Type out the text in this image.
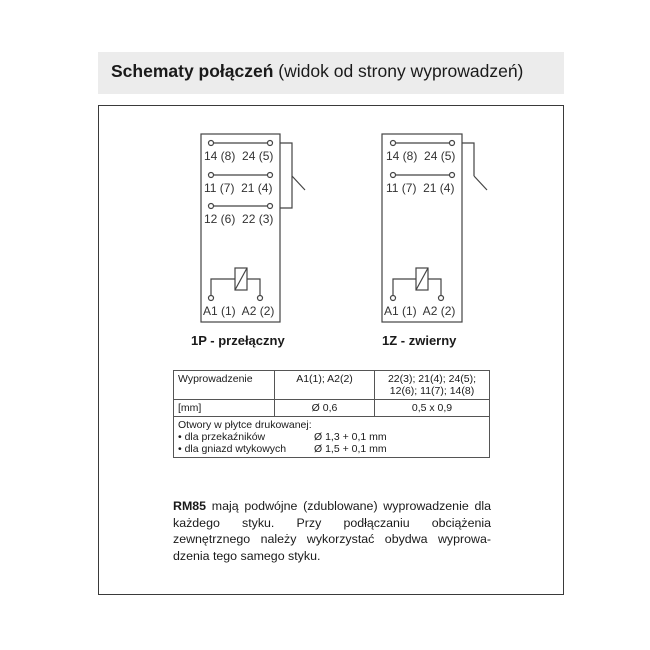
Schematy połączeń (widok od strony wyprowadzeń)
14 (8)  24 (5)
11 (7)  21 (4)
12 (6)  22 (3)
A1 (1)  A2 (2)
14 (8)  24 (5)
11 (7)  21 (4)
A1 (1)  A2 (2)
1P - przełączny	1Z - zwierny
Wyprowadzenie	A1(1); A2(2)	22(3); 21(4); 24(5);
12(6); 11(7); 14(8)

[mm]	Ø 0,6	0,5 x 0,9

Otwory w płytce drukowanej:
• dla przekaźników Ø 1,3 + 0,1 mm
• dla gniazd wtykowych Ø 1,5 + 0,1 mm		
RM85 mają podwójne (zdublowane) wyprowadzenie dla każdego styku. Przy podłączaniu obciążenia zewnętrznego należy wykorzystać obydwa wyprowa-dzenia tego samego styku.
